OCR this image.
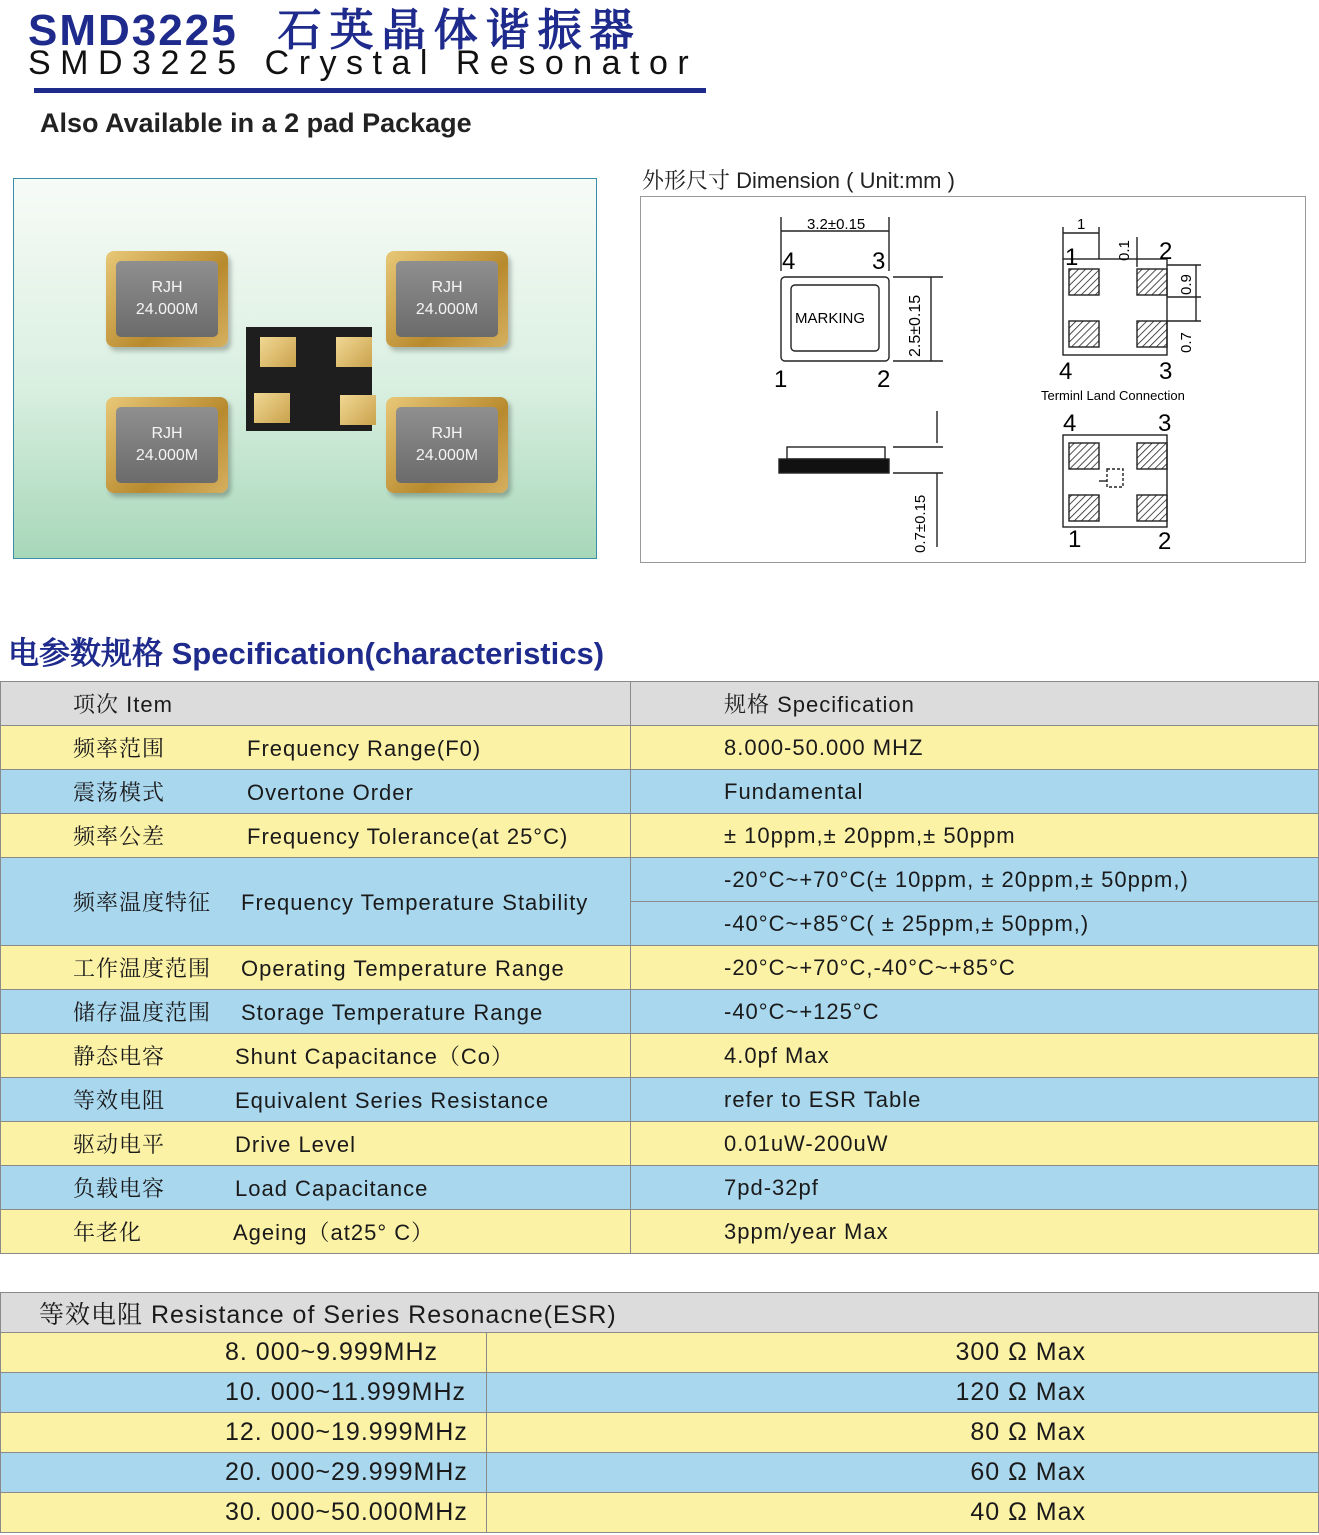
SMD3225 石英晶体谐振器
SMD3225 Crystal Resonator
Also Available in a 2 pad Package
RJH
24.000M
RJH
24.000M
RJH
24.000M
RJH
24.000M
外形尺寸 Dimension ( Unit:mm )
3.2±0.15
MARKING	2.5±0.15
4	3
1	2
0.7±0.15
1
0.1
0.9
0.7
1	2
4	3
Terminl Land Connection
4	3
1	2
电参数规格 Specification(characteristics)
项次 Item	规格 Specification
频率范围 Frequency Range(F0)	8.000-50.000 MHZ
震荡模式 Overtone Order	Fundamental
频率公差 Frequency Tolerance(at 25°C)	± 10ppm,± 20ppm,± 50ppm
频率温度特征 Frequency Temperature Stability	-20°C~+70°C(± 10ppm, ± 20ppm,± 50ppm,)
	-40°C~+85°C( ± 25ppm,± 50ppm,)
工作温度范围 Operating Temperature Range	-20°C~+70°C,-40°C~+85°C
储存温度范围 Storage Temperature Range	-40°C~+125°C
静态电容 Shunt Capacitance（Co）	4.0pf Max
等效电阻 Equivalent Series Resistance	refer to ESR Table
驱动电平 Drive Level	0.01uW-200uW
负载电容 Load Capacitance	7pd-32pf
年老化 Ageing（at25° C）	3ppm/year Max
等效电阻 Resistance of Series Resonacne(ESR)	
8. 000~9.999MHz	300 Ω Max
10. 000~11.999MHz	120 Ω Max
12. 000~19.999MHz	80 Ω Max
20. 000~29.999MHz	60 Ω Max
30. 000~50.000MHz	40 Ω Max
